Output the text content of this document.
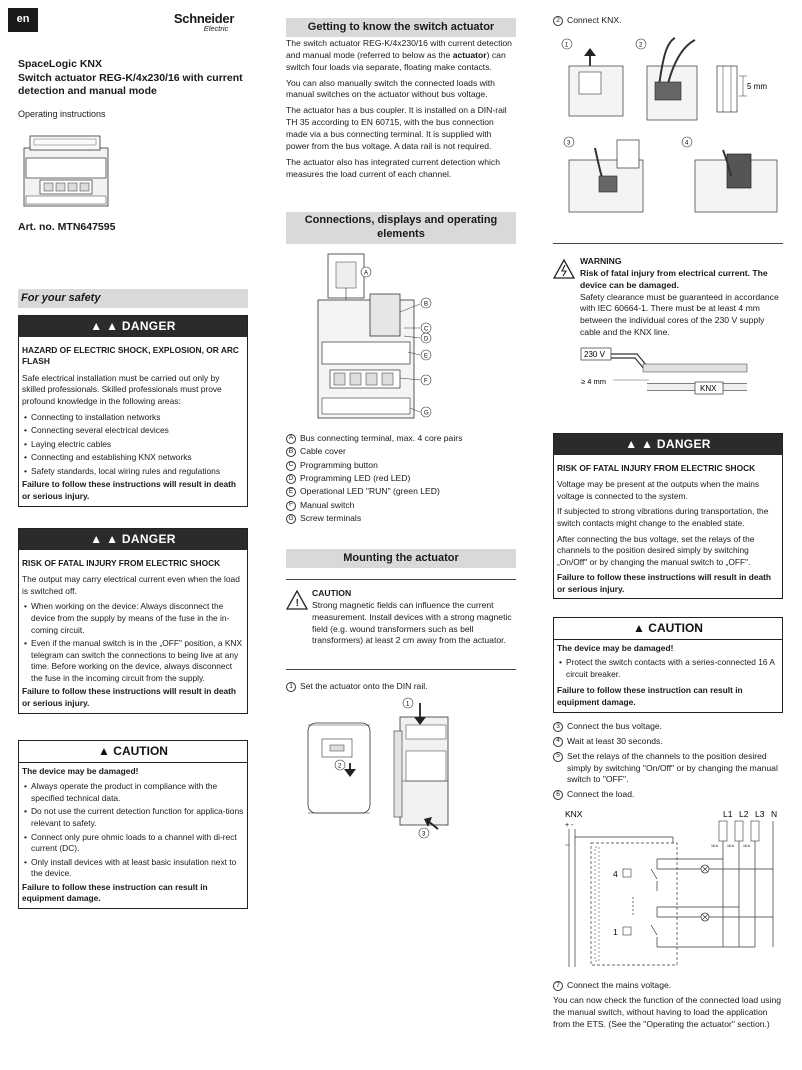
en	Schneider
Electric
SpaceLogic KNX
Switch actuator REG-K/4x230/16 with current detection and manual mode
Operating instructions
Art. no. MTN647595
For your safety
▲ ▲ DANGER
HAZARD OF ELECTRIC SHOCK, EXPLOSION, OR ARC FLASH
Safe electrical installation must be carried out only by skilled professionals. Skilled professionals must prove profound knowledge in the following areas:
• Connecting to installation networks
• Connecting several electrical devices
• Laying electric cables
• Connecting and establishing KNX networks
• Safety standards, local wiring rules and regulations
Failure to follow these instructions will result in death or serious injury.
▲ ▲ DANGER
RISK OF FATAL INJURY FROM ELECTRIC SHOCK
The output may carry electrical current even when the load is switched off.
• When working on the device: Always disconnect the device from the supply by means of the fuse in the in-coming circuit.
• Even if the manual switch is in the „OFF" position, a KNX telegram can switch the connections to being live at any time. Before working on the device, always disconnect the fuse in the incoming circuit from the supply.
Failure to follow these instructions will result in death or serious injury.
▲ CAUTION
The device may be damaged!
• Always operate the product in compliance with the specified technical data.
• Do not use the current detection function for applica-tions relevant to safety.
• Connect only pure ohmic loads to a channel with di-rect current (DC).
• Only install devices with at least basic insulation next to the device.
Failure to follow these instruction can result in equipment damage.
Getting to know the switch actuator
The switch actuator REG-K/4x230/16 with current detection and manual mode (referred to below as the actuator) can switch four loads via separate, floating make contacts.
You can also manually switch the connected loads with manual switches on the actuator without bus voltage.
The actuator has a bus coupler. It is installed on a DIN-rail TH 35 according to EN 60715, with the bus connection made via a bus connecting terminal. It is supplied with power from the bus voltage. A data rail is not required.
The actuator also has integrated current detection which measures the load current of each channel.
Connections, displays and operating elements
A
B
C
D
E
F
G
A Bus connecting terminal, max. 4 core pairs
B Cable cover
C Programming button
D Programming LED (red LED)
E Operational LED "RUN" (green LED)
F Manual switch
G Screw terminals
Mounting the actuator
!
CAUTION
Strong magnetic fields can influence the current measurement. Install devices with a strong magnetic field (e.g. wound transformers such as bell transformers) at least 2 cm away from the actuator.
1 Set the actuator onto the DIN rail.
1
2
3
2 Connect KNX.
1	2
3	4
5 mm
WARNING
Risk of fatal injury from electrical current. The device can be damaged.
Safety clearance must be guaranteed in accordance with IEC 60664-1. There must be at least 4 mm between the individual cores of the 230 V supply cable and the KNX line.
230 V
≥ 4 mm
KNX
▲ ▲ DANGER
RISK OF FATAL INJURY FROM ELECTRIC SHOCK
Voltage may be present at the outputs when the mains voltage is connected to the system.
If subjected to strong vibrations during transportation, the switch contacts might change to the enabled state.
After connecting the bus voltage, set the relays of the channels to the position desired simply by switching „On/Off" or by changing the manual switch to „OFF".
Failure to follow these instructions will result in death or serious injury.
▲ CAUTION
The device may be damaged!
• Protect the switch contacts with a series-connected 16 A circuit breaker.
Failure to follow these instruction can result in equipment damage.
3 Connect the bus voltage.
4 Wait at least 30 seconds.
5 Set the relays of the channels to the position desired simply by switching "On/Off" or by changing the manual switch to "OFF".
6 Connect the load.
KNX
+ -
L1 L2 L3 N
16 A	16 A	16 A
4
1
7 Connect the mains voltage.
You can now check the function of the connected load using the manual switch, without having to load the application from the ETS. (See the "Operating the actuator" section.)
